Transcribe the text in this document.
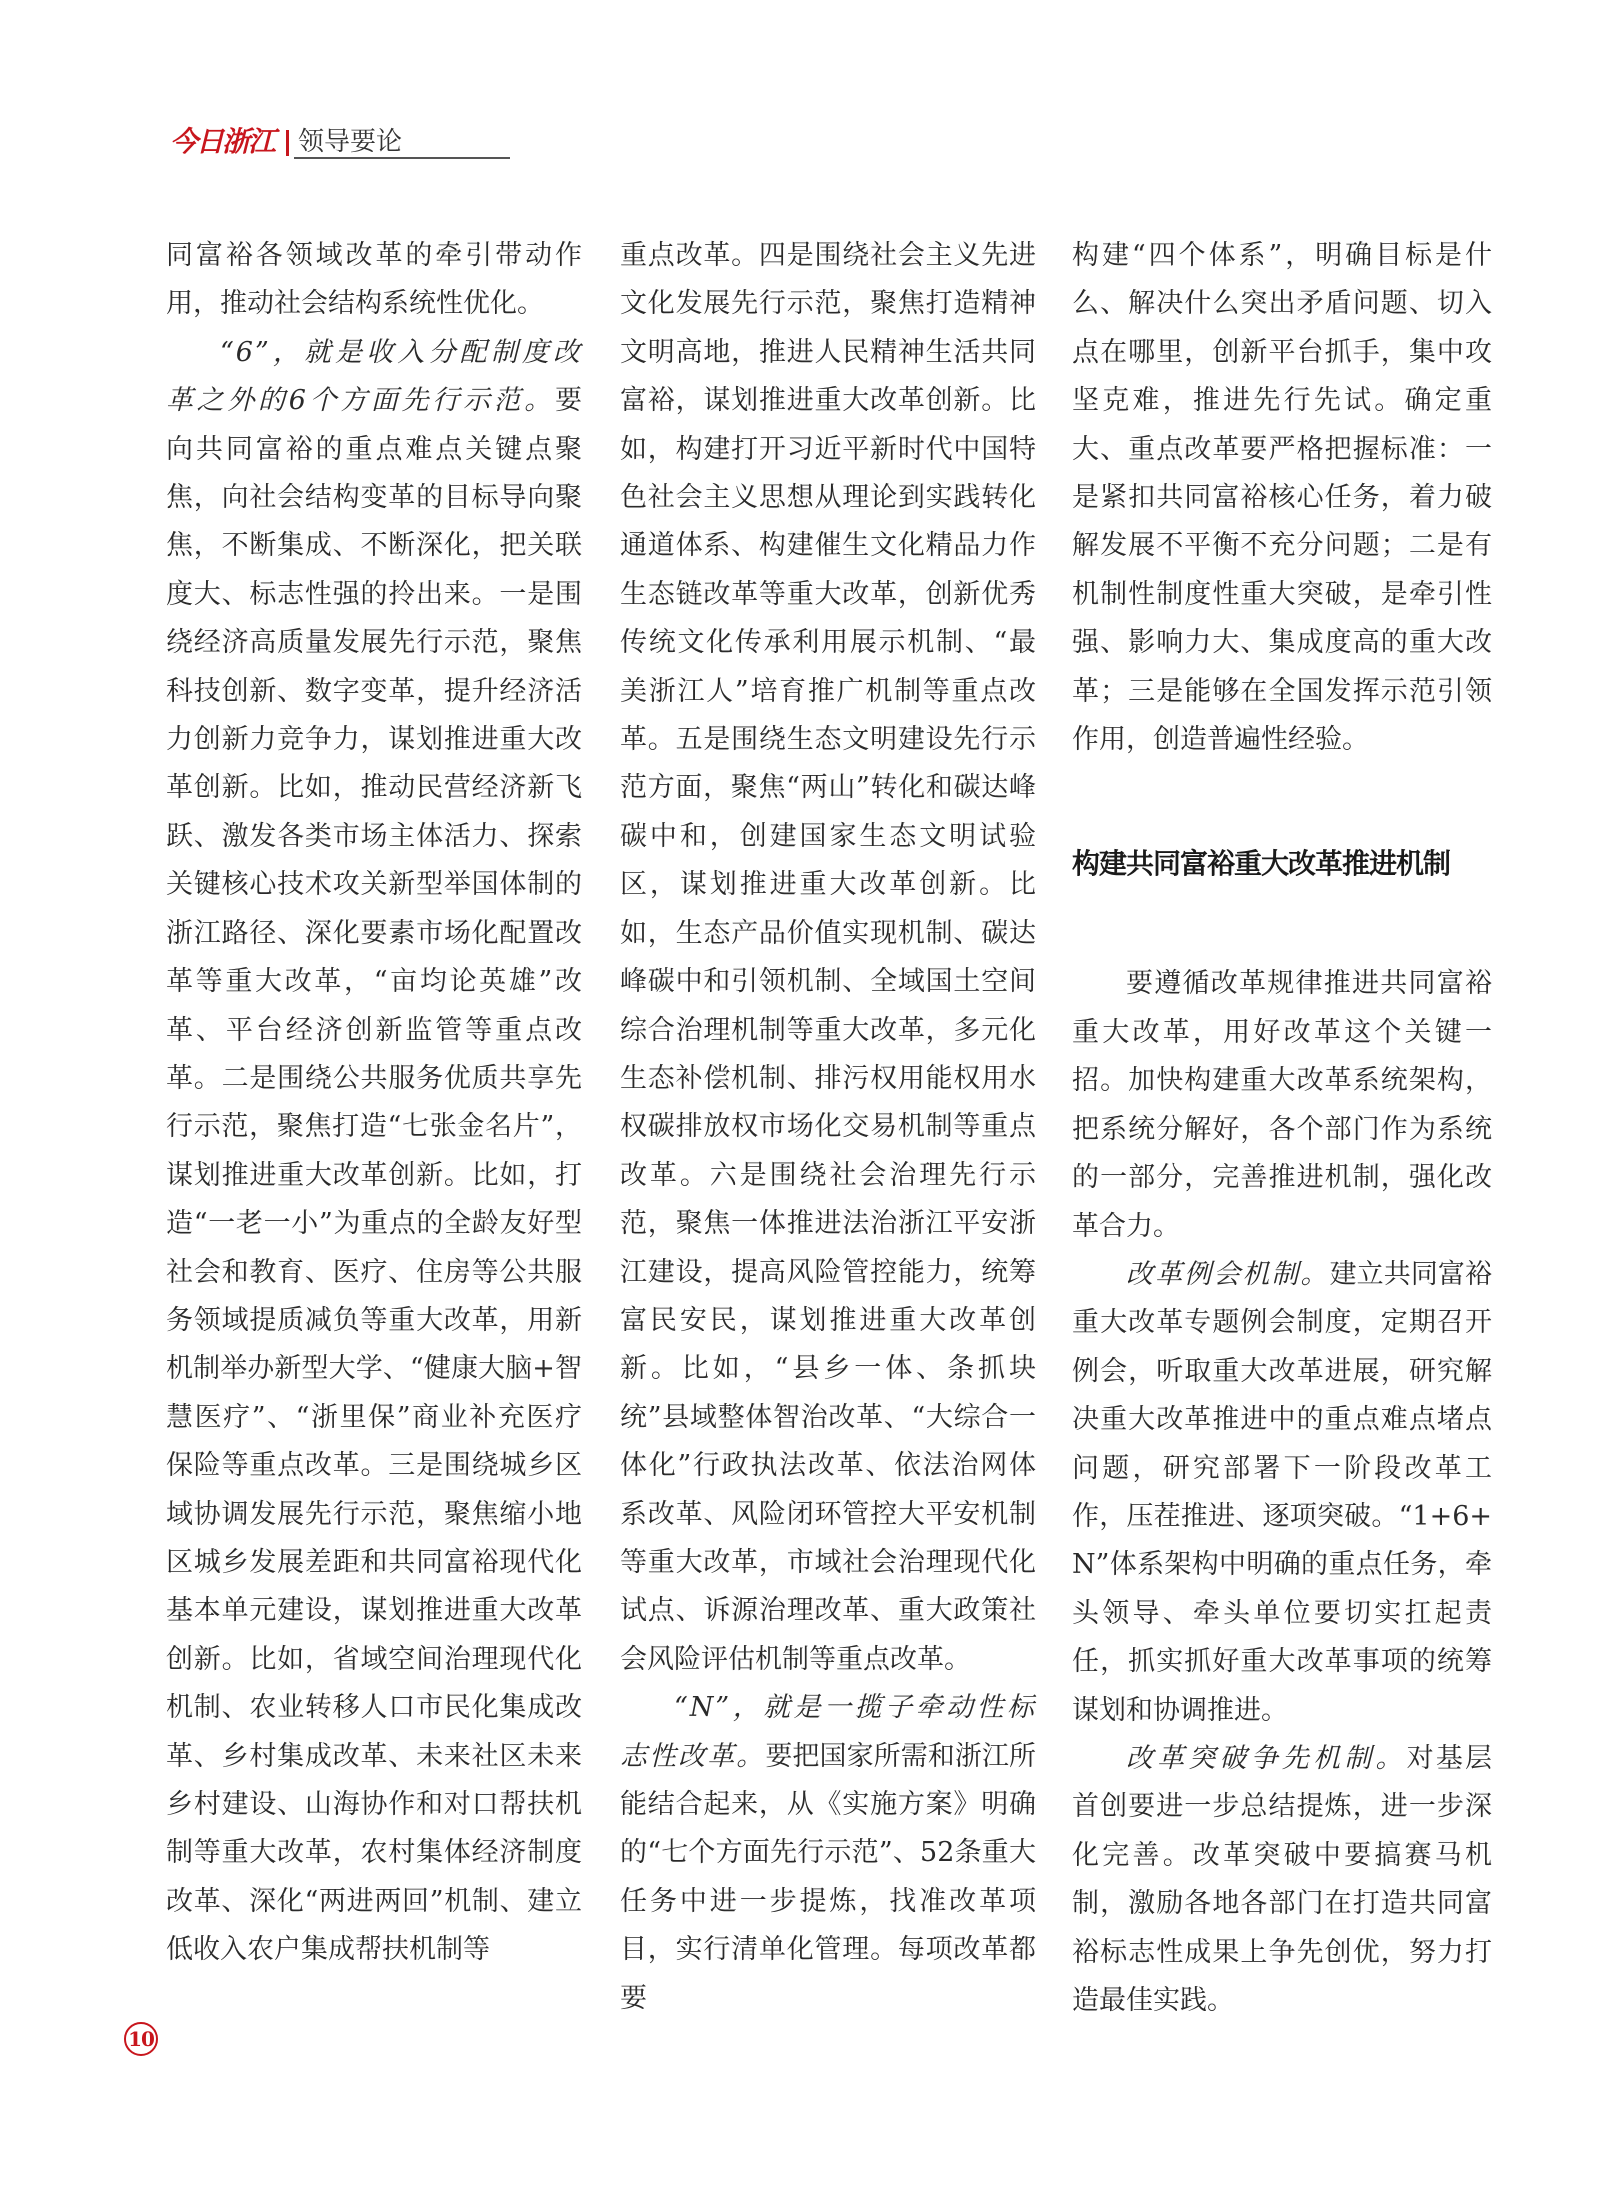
今日浙江 领导要论

同富裕各领域改革的牵引带动作用，推动社会结构系统性优化。

“6”，就是收入分配制度改革之外的6个方面先行示范。要向共同富裕的重点难点关键点聚焦，向社会结构变革的目标导向聚焦，不断集成、不断深化，把关联度大、标志性强的拎出来。一是围绕经济高质量发展先行示范，聚焦科技创新、数字变革，提升经济活力创新力竞争力，谋划推进重大改革创新。比如，推动民营经济新飞跃、激发各类市场主体活力、探索关键核心技术攻关新型举国体制的浙江路径、深化要素市场化配置改革等重大改革，“亩均论英雄”改革、平台经济创新监管等重点改革。二是围绕公共服务优质共享先行示范，聚焦打造“七张金名片”，谋划推进重大改革创新。比如，打造“一老一小”为重点的全龄友好型社会和教育、医疗、住房等公共服务领域提质减负等重大改革，用新机制举办新型大学、“健康大脑+智慧医疗”、“浙里保”商业补充医疗保险等重点改革。三是围绕城乡区域协调发展先行示范，聚焦缩小地区城乡发展差距和共同富裕现代化基本单元建设，谋划推进重大改革创新。比如，省域空间治理现代化机制、农业转移人口市民化集成改革、乡村集成改革、未来社区未来乡村建设、山海协作和对口帮扶机制等重大改革，农村集体经济制度改革、深化“两进两回”机制、建立低收入农户集成帮扶机制等

重点改革。四是围绕社会主义先进文化发展先行示范，聚焦打造精神文明高地，推进人民精神生活共同富裕，谋划推进重大改革创新。比如，构建打开习近平新时代中国特色社会主义思想从理论到实践转化通道体系、构建催生文化精品力作生态链改革等重大改革，创新优秀传统文化传承利用展示机制、“最美浙江人”培育推广机制等重点改革。五是围绕生态文明建设先行示范方面，聚焦“两山”转化和碳达峰碳中和，创建国家生态文明试验区，谋划推进重大改革创新。比如，生态产品价值实现机制、碳达峰碳中和引领机制、全域国土空间综合治理机制等重大改革，多元化生态补偿机制、排污权用能权用水权碳排放权市场化交易机制等重点改革。六是围绕社会治理先行示范，聚焦一体推进法治浙江平安浙江建设，提高风险管控能力，统筹富民安民，谋划推进重大改革创新。比如，“县乡一体、条抓块统”县域整体智治改革、“大综合一体化”行政执法改革、依法治网体系改革、风险闭环管控大平安机制等重大改革，市域社会治理现代化试点、诉源治理改革、重大政策社会风险评估机制等重点改革。

“N”，就是一揽子牵动性标志性改革。要把国家所需和浙江所能结合起来，从《实施方案》明确的“七个方面先行示范”、52条重大任务中进一步提炼，找准改革项目，实行清单化管理。每项改革都要

构建“四个体系”，明确目标是什么、解决什么突出矛盾问题、切入点在哪里，创新平台抓手，集中攻坚克难，推进先行先试。确定重大、重点改革要严格把握标准：一是紧扣共同富裕核心任务，着力破解发展不平衡不充分问题；二是有机制性制度性重大突破，是牵引性强、影响力大、集成度高的重大改革；三是能够在全国发挥示范引领作用，创造普遍性经验。

构建共同富裕重大改革推进机制

要遵循改革规律推进共同富裕重大改革，用好改革这个关键一招。加快构建重大改革系统架构，把系统分解好，各个部门作为系统的一部分，完善推进机制，强化改革合力。

改革例会机制。建立共同富裕重大改革专题例会制度，定期召开例会，听取重大改革进展，研究解决重大改革推进中的重点难点堵点问题，研究部署下一阶段改革工作，压茬推进、逐项突破。“1+6+N”体系架构中明确的重点任务，牵头领导、牵头单位要切实扛起责任，抓实抓好重大改革事项的统筹谋划和协调推进。

改革突破争先机制。对基层首创要进一步总结提炼，进一步深化完善。改革突破中要搞赛马机制，激励各地各部门在打造共同富裕标志性成果上争先创优，努力打造最佳实践。

10
